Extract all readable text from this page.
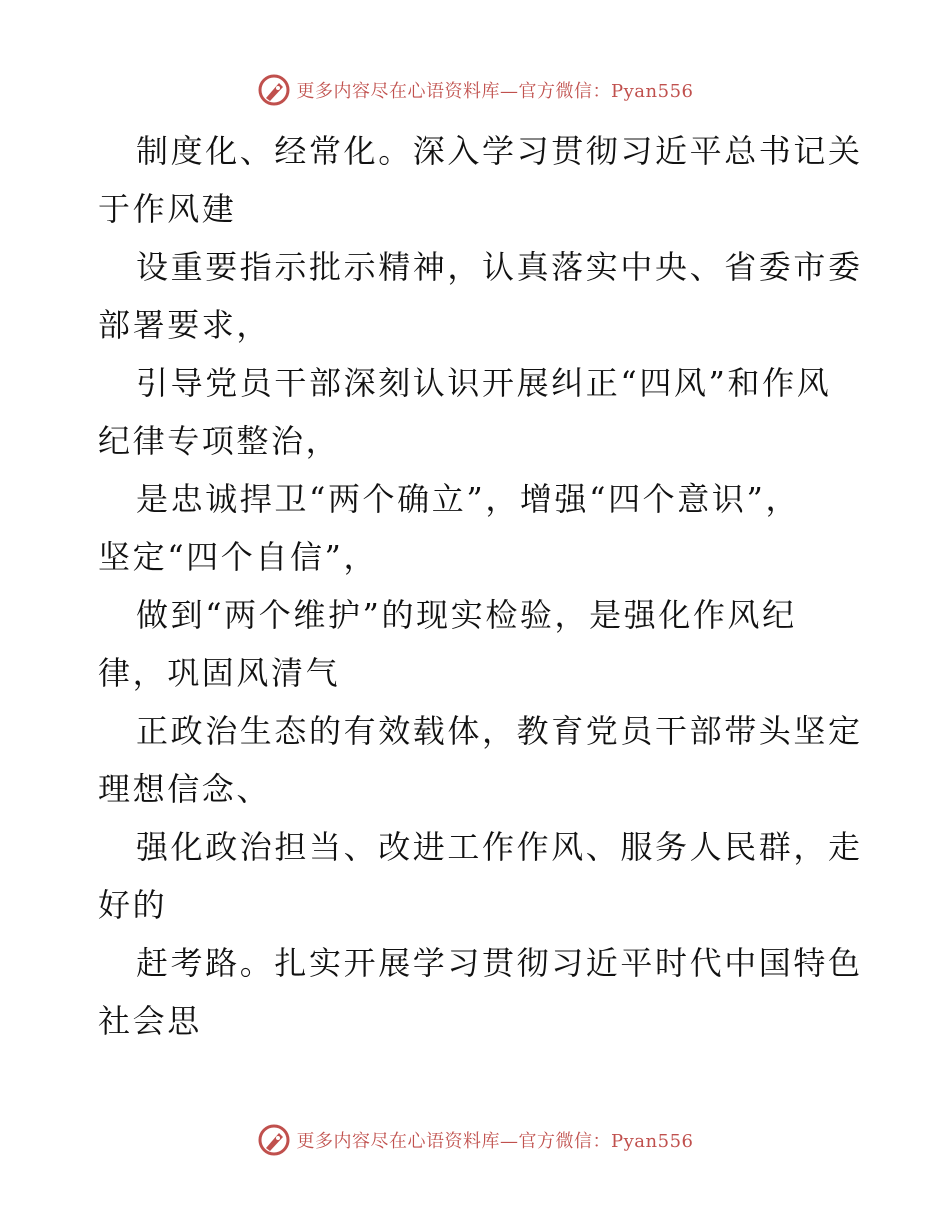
更多内容尽在心语资料库—官方微信：Pyan556

制度化、经常化。深入学习贯彻习近平总书记关
于作风建

设重要指示批示精神，认真落实中央、省委市委
部署要求，

引导党员干部深刻认识开展纠正“四风”和作风
纪律专项整治，

是忠诚捍卫“两个确立”，增强“四个意识”，
坚定“四个自信”，

做到“两个维护”的现实检验，是强化作风纪
律，巩固风清气

正政治生态的有效载体，教育党员干部带头坚定
理想信念、

强化政治担当、改进工作作风、服务人民群，走
好的

赶考路。扎实开展学习贯彻习近平时代中国特色
社会思

更多内容尽在心语资料库—官方微信：Pyan556
